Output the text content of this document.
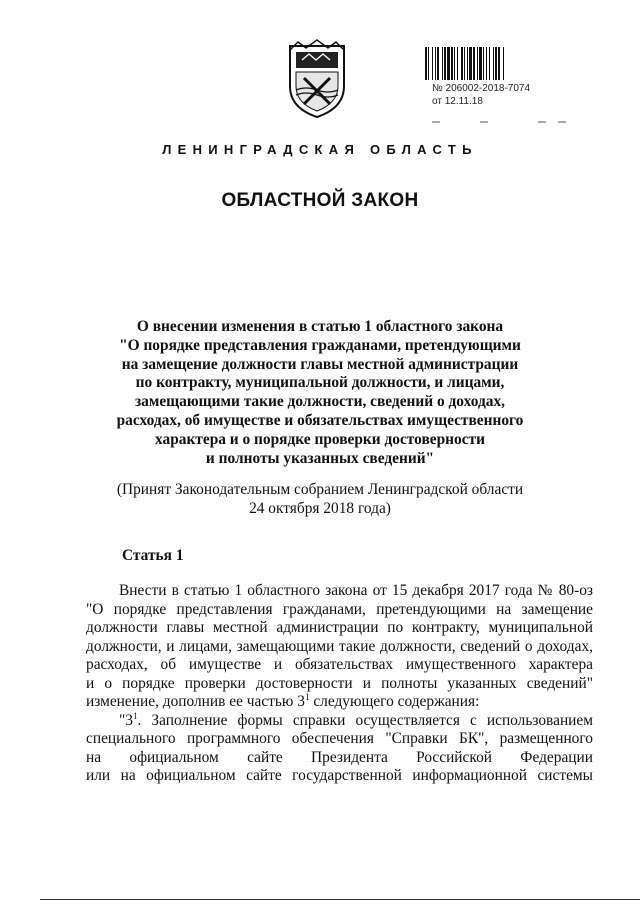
№ 206002-2018-7074
от 12.11.18
ЛЕНИНГРАДСКАЯ ОБЛАСТЬ
ОБЛАСТНОЙ ЗАКОН
О внесении изменения в статью 1 областного закона
"О порядке представления гражданами, претендующими
на замещение должности главы местной администрации
по контракту, муниципальной должности, и лицами,
замещающими такие должности, сведений о доходах,
расходах, об имуществе и обязательствах имущественного
характера и о порядке проверки достоверности
и полноты указанных сведений"
(Принят Законодательным собранием Ленинградской области
24 октября 2018 года)
Статья 1
Внести в статью 1 областного закона от 15 декабря 2017 года № 80-оз
"О порядке представления гражданами, претендующими на замещение
должности главы местной администрации по контракту, муниципальной
должности, и лицами, замещающими такие должности, сведений о доходах,
расходах, об имуществе и обязательствах имущественного характера
и о порядке проверки достоверности и полноты указанных сведений"
изменение, дополнив ее частью $3^1$ следующего содержания:
"$3^1$. Заполнение формы справки осуществляется с использованием
специального программного обеспечения "Справки БК", размещенного
на официальном сайте Президента Российской Федерации
или на официальном сайте государственной информационной системы
